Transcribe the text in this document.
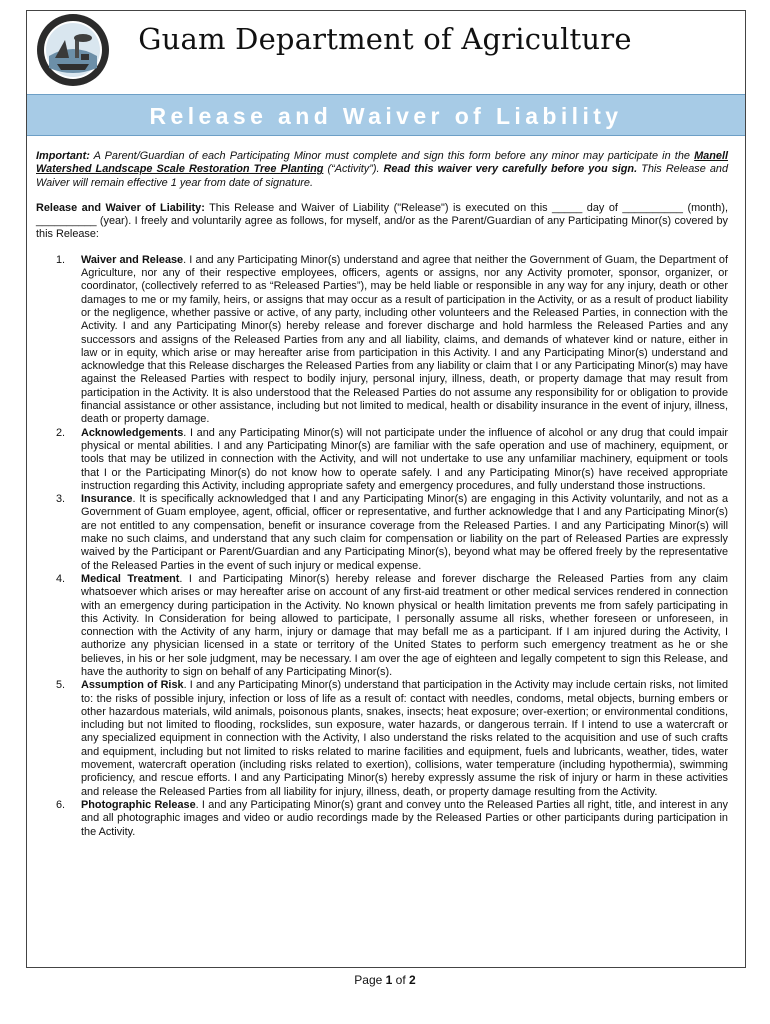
Guam Department of Agriculture
Release and Waiver of Liability

Important: A Parent/Guardian of each Participating Minor must complete and sign this form before any minor may participate in the Manell Watershed Landscape Scale Restoration Tree Planting (“Activity”). Read this waiver very carefully before you sign. This Release and Waiver will remain effective 1 year from date of signature.

Release and Waiver of Liability: This Release and Waiver of Liability ("Release") is executed on this _____ day of __________ (month), __________ (year). I freely and voluntarily agree as follows, for myself, and/or as the Parent/Guardian of any Participating Minor(s) covered by this Release:

1. Waiver and Release. I and any Participating Minor(s) understand and agree that neither the Government of Guam, the Department of Agriculture, nor any of their respective employees, officers, agents or assigns, nor any Activity promoter, sponsor, organizer, or coordinator, (collectively referred to as “Released Parties”), may be held liable or responsible in any way for any injury, death or other damages to me or my family, heirs, or assigns that may occur as a result of participation in the Activity, or as a result of product liability or the negligence, whether passive or active, of any party, including other volunteers and the Released Parties, in connection with the Activity. I and any Participating Minor(s) hereby release and forever discharge and hold harmless the Released Parties and any successors and assigns of the Released Parties from any and all liability, claims, and demands of whatever kind or nature, either in law or in equity, which arise or may hereafter arise from participation in this Activity. I and any Participating Minor(s) understand and acknowledge that this Release discharges the Released Parties from any liability or claim that I or any Participating Minor(s) may have against the Released Parties with respect to bodily injury, personal injury, illness, death, or property damage that may result from participation in the Activity. It is also understood that the Released Parties do not assume any responsibility for or obligation to provide financial assistance or other assistance, including but not limited to medical, health or disability insurance in the event of injury, illness, death or property damage.
2. Acknowledgements. I and any Participating Minor(s) will not participate under the influence of alcohol or any drug that could impair physical or mental abilities. I and any Participating Minor(s) are familiar with the safe operation and use of machinery, equipment, or tools that may be utilized in connection with the Activity, and will not undertake to use any unfamiliar machinery, equipment or tools that I or the Participating Minor(s) do not know how to operate safely. I and any Participating Minor(s) have received appropriate instruction regarding this Activity, including appropriate safety and emergency procedures, and fully understand those instructions.
3. Insurance. It is specifically acknowledged that I and any Participating Minor(s) are engaging in this Activity voluntarily, and not as a Government of Guam employee, agent, official, officer or representative, and further acknowledge that I and any Participating Minor(s) are not entitled to any compensation, benefit or insurance coverage from the Released Parties. I and any Participating Minor(s) will make no such claims, and understand that any such claim for compensation or liability on the part of Released Parties are expressly waived by the Participant or Parent/Guardian and any Participating Minor(s), beyond what may be offered freely by the representative of the Released Parties in the event of such injury or medical expense.
4. Medical Treatment. I and Participating Minor(s) hereby release and forever discharge the Released Parties from any claim whatsoever which arises or may hereafter arise on account of any first-aid treatment or other medical services rendered in connection with an emergency during participation in the Activity. No known physical or health limitation prevents me from safely participating in this Activity. In Consideration for being allowed to participate, I personally assume all risks, whether foreseen or unforeseen, in connection with the Activity of any harm, injury or damage that may befall me as a participant. If I am injured during the Activity, I authorize any physician licensed in a state or territory of the United States to perform such emergency treatment as he or she believes, in his or her sole judgment, may be necessary. I am over the age of eighteen and legally competent to sign this Release, and have the authority to sign on behalf of any Participating Minor(s).
5. Assumption of Risk. I and any Participating Minor(s) understand that participation in the Activity may include certain risks, not limited to: the risks of possible injury, infection or loss of life as a result of: contact with needles, condoms, metal objects, burning embers or other hazardous materials, wild animals, poisonous plants, snakes, insects; heat exposure; over-exertion; or environmental conditions, including but not limited to flooding, rockslides, sun exposure, water hazards, or dangerous terrain. If I intend to use a watercraft or any specialized equipment in connection with the Activity, I also understand the risks related to the acquisition and use of such crafts and equipment, including but not limited to risks related to marine facilities and equipment, fuels and lubricants, weather, tides, water movement, watercraft operation (including risks related to exertion), collisions, water temperature (including hypothermia), swimming proficiency, and rescue efforts. I and any Participating Minor(s) hereby expressly assume the risk of injury or harm in these activities and release the Released Parties from all liability for injury, illness, death, or property damage resulting from the Activity.
6. Photographic Release. I and any Participating Minor(s) grant and convey unto the Released Parties all right, title, and interest in any and all photographic images and video or audio recordings made by the Released Parties or other participants during participation in the Activity.
Page 1 of 2
